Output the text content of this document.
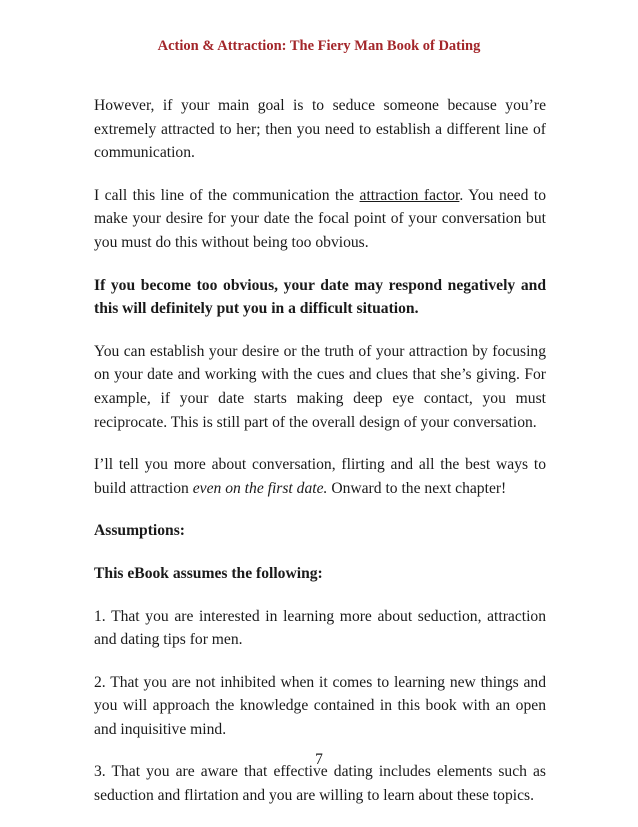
Action & Attraction: The Fiery Man Book of Dating

However, if your main goal is to seduce someone because you’re extremely attracted to her; then you need to establish a different line of communication.

I call this line of the communication the attraction factor. You need to make your desire for your date the focal point of your conversation but you must do this without being too obvious.

If you become too obvious, your date may respond negatively and this will definitely put you in a difficult situation.

You can establish your desire or the truth of your attraction by focusing on your date and working with the cues and clues that she’s giving. For example, if your date starts making deep eye contact, you must reciprocate. This is still part of the overall design of your conversation.

I’ll tell you more about conversation, flirting and all the best ways to build attraction even on the first date. Onward to the next chapter!

Assumptions:

This eBook assumes the following:

1. That you are interested in learning more about seduction, attraction and dating tips for men.

2. That you are not inhibited when it comes to learning new things and you will approach the knowledge contained in this book with an open and inquisitive mind.

3. That you are aware that effective dating includes elements such as seduction and flirtation and you are willing to learn about these topics.

7
